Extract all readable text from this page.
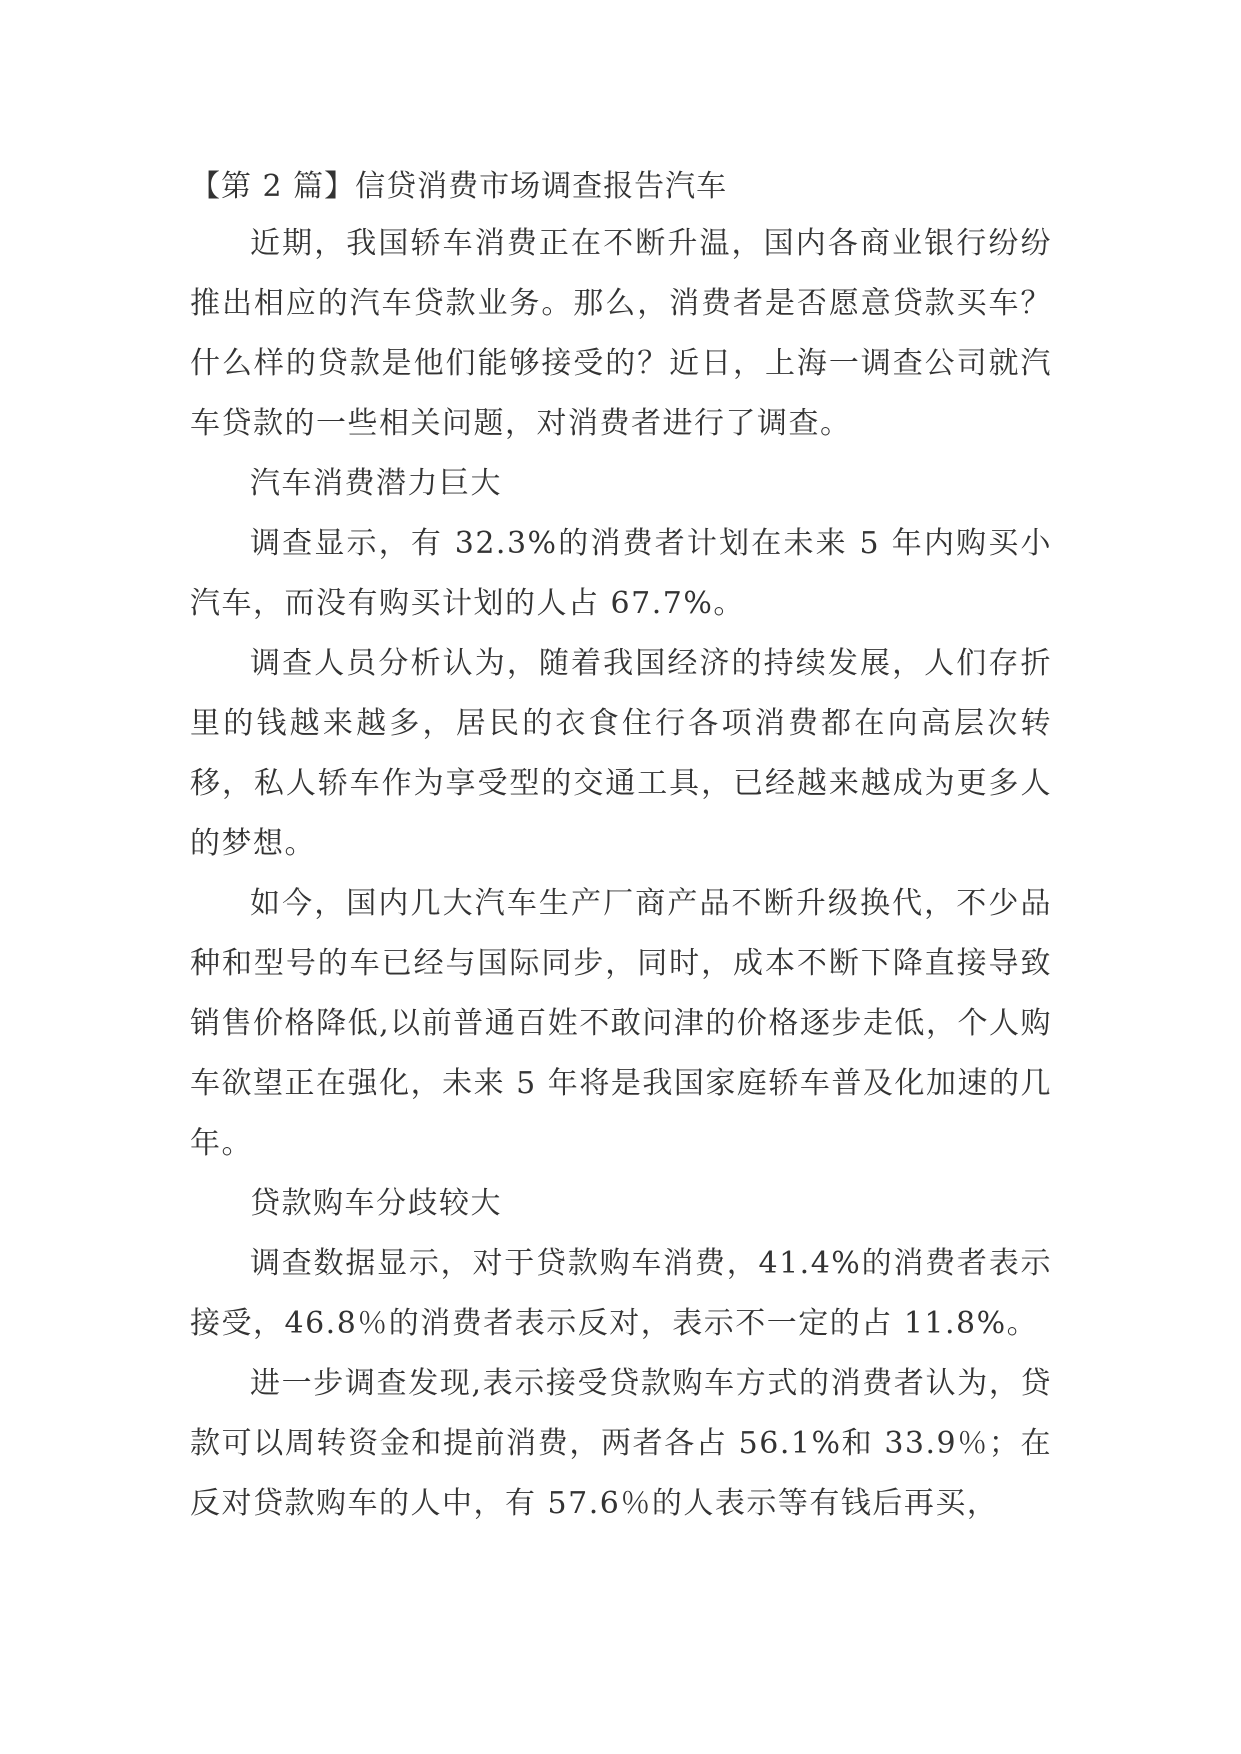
【第 2 篇】信贷消费市场调查报告汽车

近期，我国轿车消费正在不断升温，国内各商业银行纷纷推出相应的汽车贷款业务。那么，消费者是否愿意贷款买车？什么样的贷款是他们能够接受的？近日，上海一调查公司就汽车贷款的一些相关问题，对消费者进行了调查。

汽车消费潜力巨大

调查显示，有 32.3%的消费者计划在未来 5 年内购买小汽车，而没有购买计划的人占 67.7%。

调查人员分析认为，随着我国经济的持续发展，人们存折里的钱越来越多，居民的衣食住行各项消费都在向高层次转移，私人轿车作为享受型的交通工具，已经越来越成为更多人的梦想。

如今，国内几大汽车生产厂商产品不断升级换代，不少品种和型号的车已经与国际同步，同时，成本不断下降直接导致销售价格降低,以前普通百姓不敢问津的价格逐步走低，个人购车欲望正在强化，未来 5 年将是我国家庭轿车普及化加速的几年。

贷款购车分歧较大

调查数据显示，对于贷款购车消费，41.4%的消费者表示接受，46.8％的消费者表示反对，表示不一定的占 11.8%。

进一步调查发现,表示接受贷款购车方式的消费者认为，贷款可以周转资金和提前消费，两者各占 56.1%和 33.9％；在反对贷款购车的人中，有 57.6％的人表示等有钱后再买，
